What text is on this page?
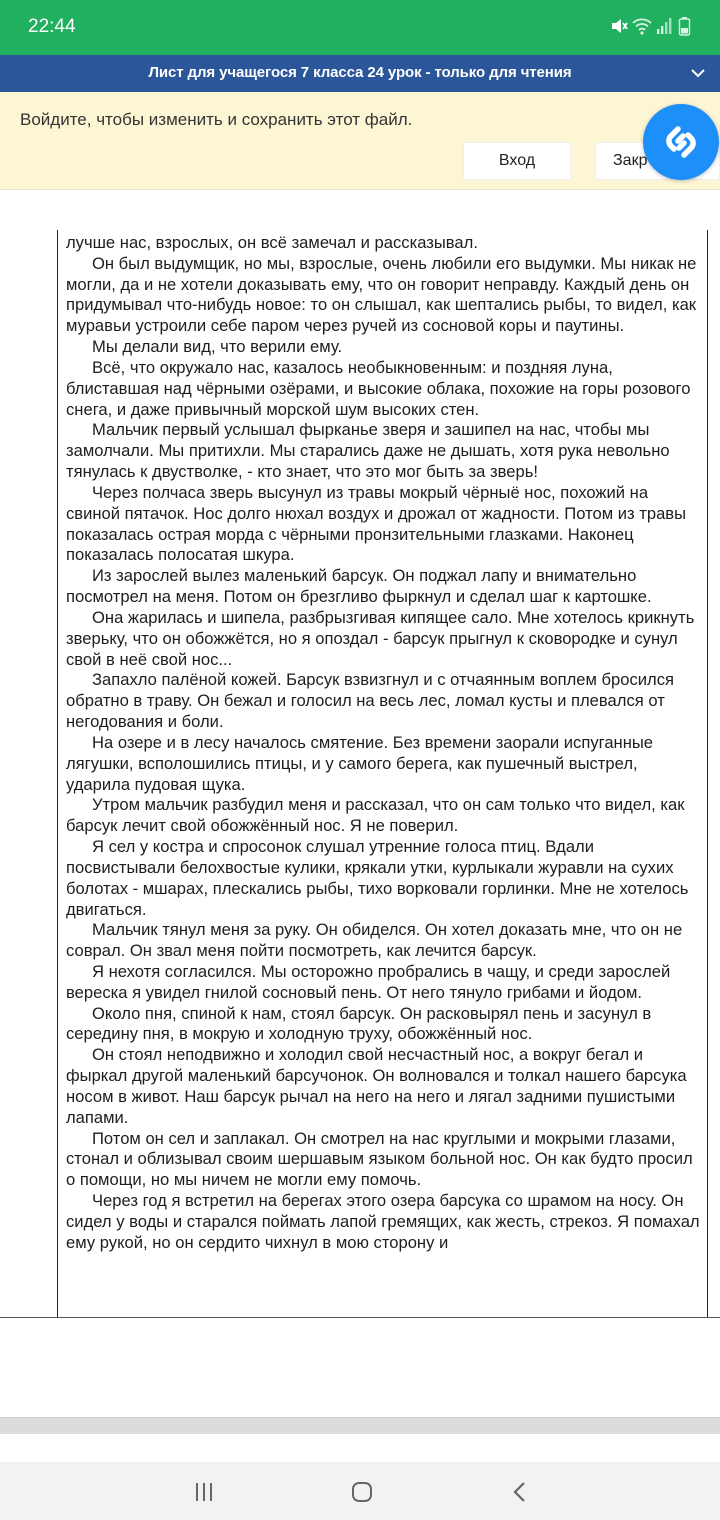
22:44
Лист для учащегося 7 класса 24 урок - только для чтения
Войдите, чтобы изменить и сохранить этот файл.
Вход	Закр

лучше нас, взрослых, он всё замечал и рассказывал.

Он был выдумщик, но мы, взрослые, очень любили его выдумки. Мы никак не могли, да и не хотели доказывать ему, что он говорит неправду. Каждый день он придумывал что-нибудь новое: то он слышал, как шептались рыбы, то видел, как муравьи устроили себе паром через ручей из сосновой коры и паутины.

Мы делали вид, что верили ему.

Всё, что окружало нас, казалось необыкновенным: и поздняя луна, блиставшая над чёрными озёрами, и высокие облака, похожие на горы розового снега, и даже привычный морской шум высоких стен.

Мальчик первый услышал фырканье зверя и зашипел на нас, чтобы мы замолчали. Мы притихли. Мы старались даже не дышать, хотя рука невольно тянулась к двустволке, - кто знает, что это мог быть за зверь!

Через полчаса зверь высунул из травы мокрый чёрныё нос, похожий на свиной пятачок. Нос долго нюхал воздух и дрожал от жадности. Потом из травы показалась острая морда с чёрными пронзительными глазками. Наконец показалась полосатая шкура.

Из зарослей вылез маленький барсук. Он поджал лапу и внимательно посмотрел на меня. Потом он брезгливо фыркнул и сделал шаг к картошке.

Она жарилась и шипела, разбрызгивая кипящее сало. Мне хотелось крикнуть зверьку, что он обожжётся, но я опоздал - барсук прыгнул к сковородке и сунул свой в неё свой нос...

Запахло палёной кожей. Барсук взвизгнул и с отчаянным воплем бросился обратно в траву. Он бежал и голосил на весь лес, ломал кусты и плевался от негодования и боли.

На озере и в лесу началось смятение. Без времени заорали испуганные лягушки, всполошились птицы, и у самого берега, как пушечный выстрел, ударила пудовая щука.

Утром мальчик разбудил меня и рассказал, что он сам только что видел, как барсук лечит свой обожжённый нос. Я не поверил.

Я сел у костра и спросонок слушал утренние голоса птиц. Вдали посвистывали белохвостые кулики, крякали утки, курлыкали журавли на сухих болотах - мшарах, плескались рыбы, тихо ворковали горлинки. Мне не хотелось двигаться.

Мальчик тянул меня за руку. Он обиделся. Он хотел доказать мне, что он не соврал. Он звал меня пойти посмотреть, как лечится барсук.

Я нехотя согласился. Мы осторожно пробрались в чащу, и среди зарослей вереска я увидел гнилой сосновый пень. От него тянуло грибами и йодом.

Около пня, спиной к нам, стоял барсук. Он расковырял пень и засунул в середину пня, в мокрую и холодную труху, обожжённый нос.

Он стоял неподвижно и холодил свой несчастный нос, а вокруг бегал и фыркал другой маленький барсучонок. Он волновался и толкал нашего барсука носом в живот. Наш барсук рычал на него на него и лягал задними пушистыми лапами.

Потом он сел и заплакал. Он смотрел на нас круглыми и мокрыми глазами, стонал и облизывал своим шершавым языком больной нос. Он как будто просил о помощи, но мы ничем не могли ему помочь.

Через год я встретил на берегах этого озера барсука со шрамом на носу. Он сидел у воды и старался поймать лапой гремящих, как жесть, стрекоз. Я помахал ему рукой, но он сердито чихнул в мою сторону и
